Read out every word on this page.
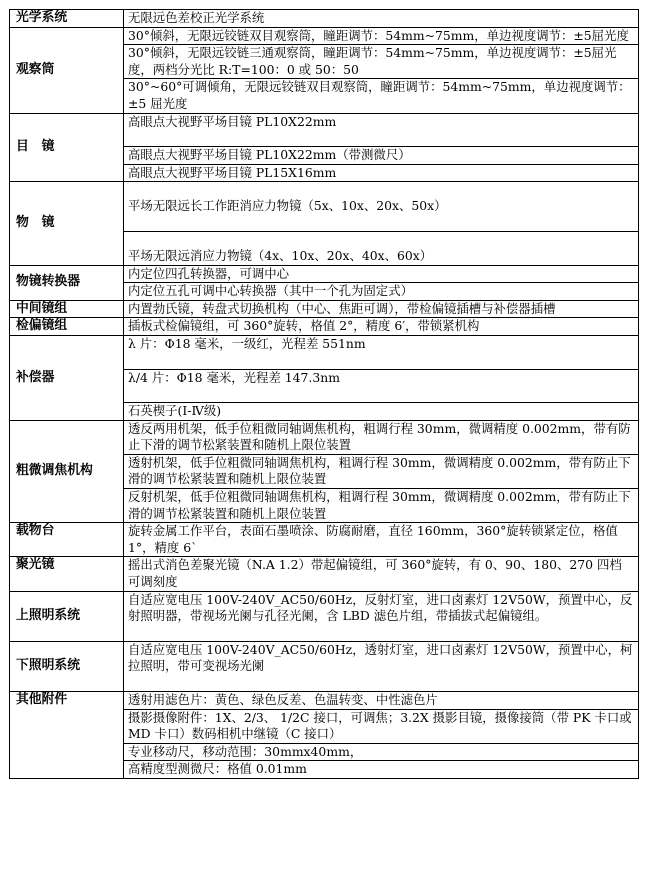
光学系统	无限远色差校正光学系统
观察筒	30°倾斜，无限远铰链双目观察筒，瞳距调节：54mm~75mm，单边视度调节：±5屈光度
	30°倾斜，无限远铰链三通观察筒，瞳距调节：54mm~75mm，单边视度调节：±5屈光度，两档分光比 R:T=100：0 或 50：50
	30°~60°可调倾角，无限远铰链双目观察筒，瞳距调节：54mm~75mm，单边视度调节：±5 屈光度
目　镜	高眼点大视野平场目镜 PL10X22mm
	高眼点大视野平场目镜 PL10X22mm（带测微尺）
	高眼点大视野平场目镜 PL15X16mm
物　镜	平场无限远长工作距消应力物镜（5x、10x、20x、50x）
	平场无限远消应力物镜（4x、10x、20x、40x、60x）
物镜转换器	内定位四孔转换器，可调中心
	内定位五孔可调中心转换器（其中一个孔为固定式）
中间镜组	内置勃氏镜，转盘式切换机构（中心、焦距可调），带检偏镜插槽与补偿器插槽
检偏镜组	插板式检偏镜组，可 360°旋转，格值 2°，精度 6′，带锁紧机构
补偿器	λ 片：Φ18 毫米，一级红，光程差 551nm
	λ/4 片：Φ18 毫米，光程差 147.3nm
	石英楔子(Ⅰ-Ⅳ级)
粗微调焦机构	透反两用机架，低手位粗微同轴调焦机构，粗调行程 30mm，微调精度 0.002mm，带有防止下滑的调节松紧装置和随机上限位装置
	透射机架，低手位粗微同轴调焦机构，粗调行程 30mm，微调精度 0.002mm，带有防止下滑的调节松紧装置和随机上限位装置
	反射机架，低手位粗微同轴调焦机构，粗调行程 30mm，微调精度 0.002mm，带有防止下滑的调节松紧装置和随机上限位装置
载物台	旋转金属工作平台，表面石墨喷涂、防腐耐磨，直径 160mm，360°旋转锁紧定位，格值 1°，精度 6`
聚光镜	摇出式消色差聚光镜（N.A 1.2）带起偏镜组，可 360°旋转，有 0、90、180、270 四档可调刻度
上照明系统	自适应宽电压 100V-240V_AC50/60Hz，反射灯室，进口卤素灯 12V50W，预置中心，反射照明器，带视场光阑与孔径光阑，含 LBD 滤色片组，带插拔式起偏镜组。
下照明系统	自适应宽电压 100V-240V_AC50/60Hz，透射灯室，进口卤素灯 12V50W，预置中心，柯拉照明，带可变视场光阑
其他附件	透射用滤色片：黄色、绿色反差、色温转变、中性滤色片
	摄影摄像附件：1X、2/3、 1/2C 接口，可调焦；3.2X 摄影目镜，摄像接筒（带 PK 卡口或 MD 卡口）数码相机中继镜（C 接口）
	专业移动尺，移动范围：30mmx40mm，
	高精度型测微尺：格值 0.01mm
